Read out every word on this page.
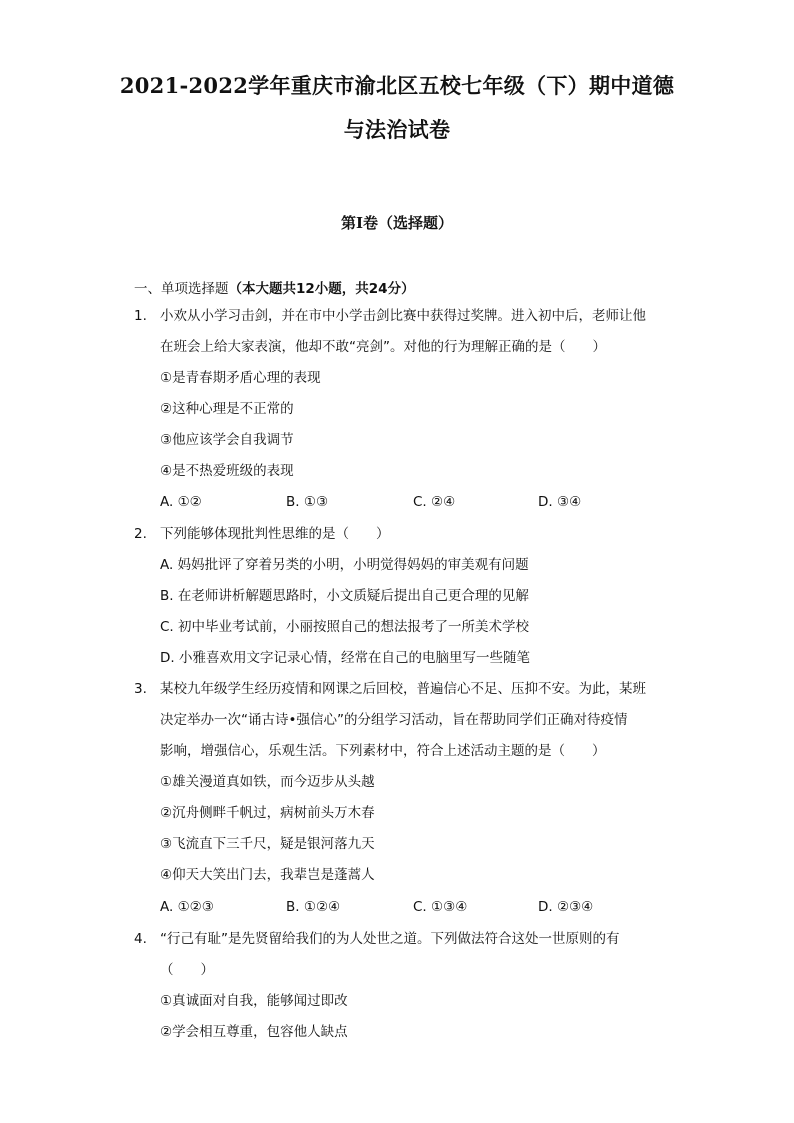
2021-2022学年重庆市渝北区五校七年级（下）期中道德
与法治试卷
第I卷（选择题）
一、单项选择题（本大题共12小题，共24分）
1. 小欢从小学习击剑，并在市中小学击剑比赛中获得过奖牌。进入初中后，老师让他
在班会上给大家表演，他却不敢“亮剑”。对他的行为理解正确的是（　　）
①是青春期矛盾心理的表现
②这种心理是不正常的
③他应该学会自我调节
④是不热爱班级的表现
A. ①②	B. ①③	C. ②④	D. ③④
2. 下列能够体现批判性思维的是（　　）
A. 妈妈批评了穿着另类的小明，小明觉得妈妈的审美观有问题
B. 在老师讲析解题思路时，小文质疑后提出自己更合理的见解
C. 初中毕业考试前，小丽按照自己的想法报考了一所美术学校
D. 小雅喜欢用文字记录心情，经常在自己的电脑里写一些随笔
3. 某校九年级学生经历疫情和网课之后回校，普遍信心不足、压抑不安。为此，某班
决定举办一次“诵古诗•强信心”的分组学习活动，旨在帮助同学们正确对待疫情
影响，增强信心，乐观生活。下列素材中，符合上述活动主题的是（　　）
①雄关漫道真如铁，而今迈步从头越
②沉舟侧畔千帆过，病树前头万木春
③飞流直下三千尺，疑是银河落九天
④仰天大笑出门去，我辈岂是蓬蒿人
A. ①②③	B. ①②④	C. ①③④	D. ②③④
4. “行己有耻”是先贤留给我们的为人处世之道。下列做法符合这处一世原则的有
（　　）
①真诚面对自我，能够闻过即改
②学会相互尊重，包容他人缺点
